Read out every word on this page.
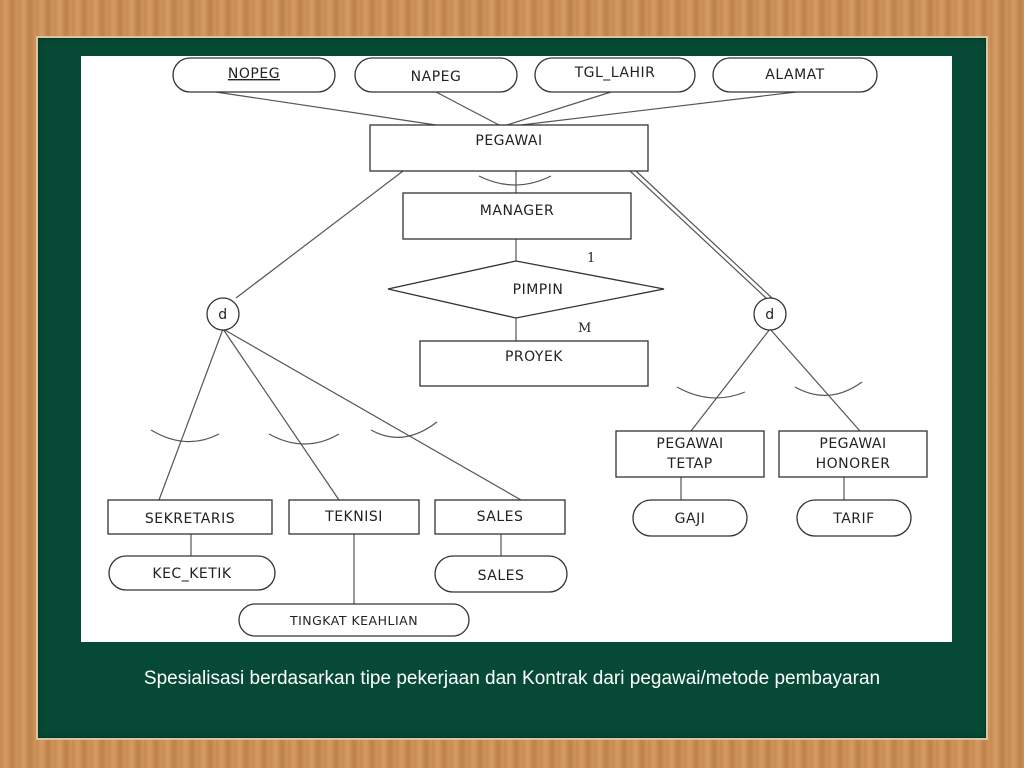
NOPEG	NAPEG	TGL_LAHIR	ALAMAT
PEGAWAI
MANAGER
PIMPIN
1
M
PROYEK
d	d
SEKRETARIS	TEKNISI	SALES
PEGAWAI
TETAP
PEGAWAI
HONORER
KEC_KETIK
TINGKAT KEAHLIAN
SALES
GAJI	TARIF
Spesialisasi berdasarkan tipe pekerjaan dan Kontrak dari pegawai/metode pembayaran
